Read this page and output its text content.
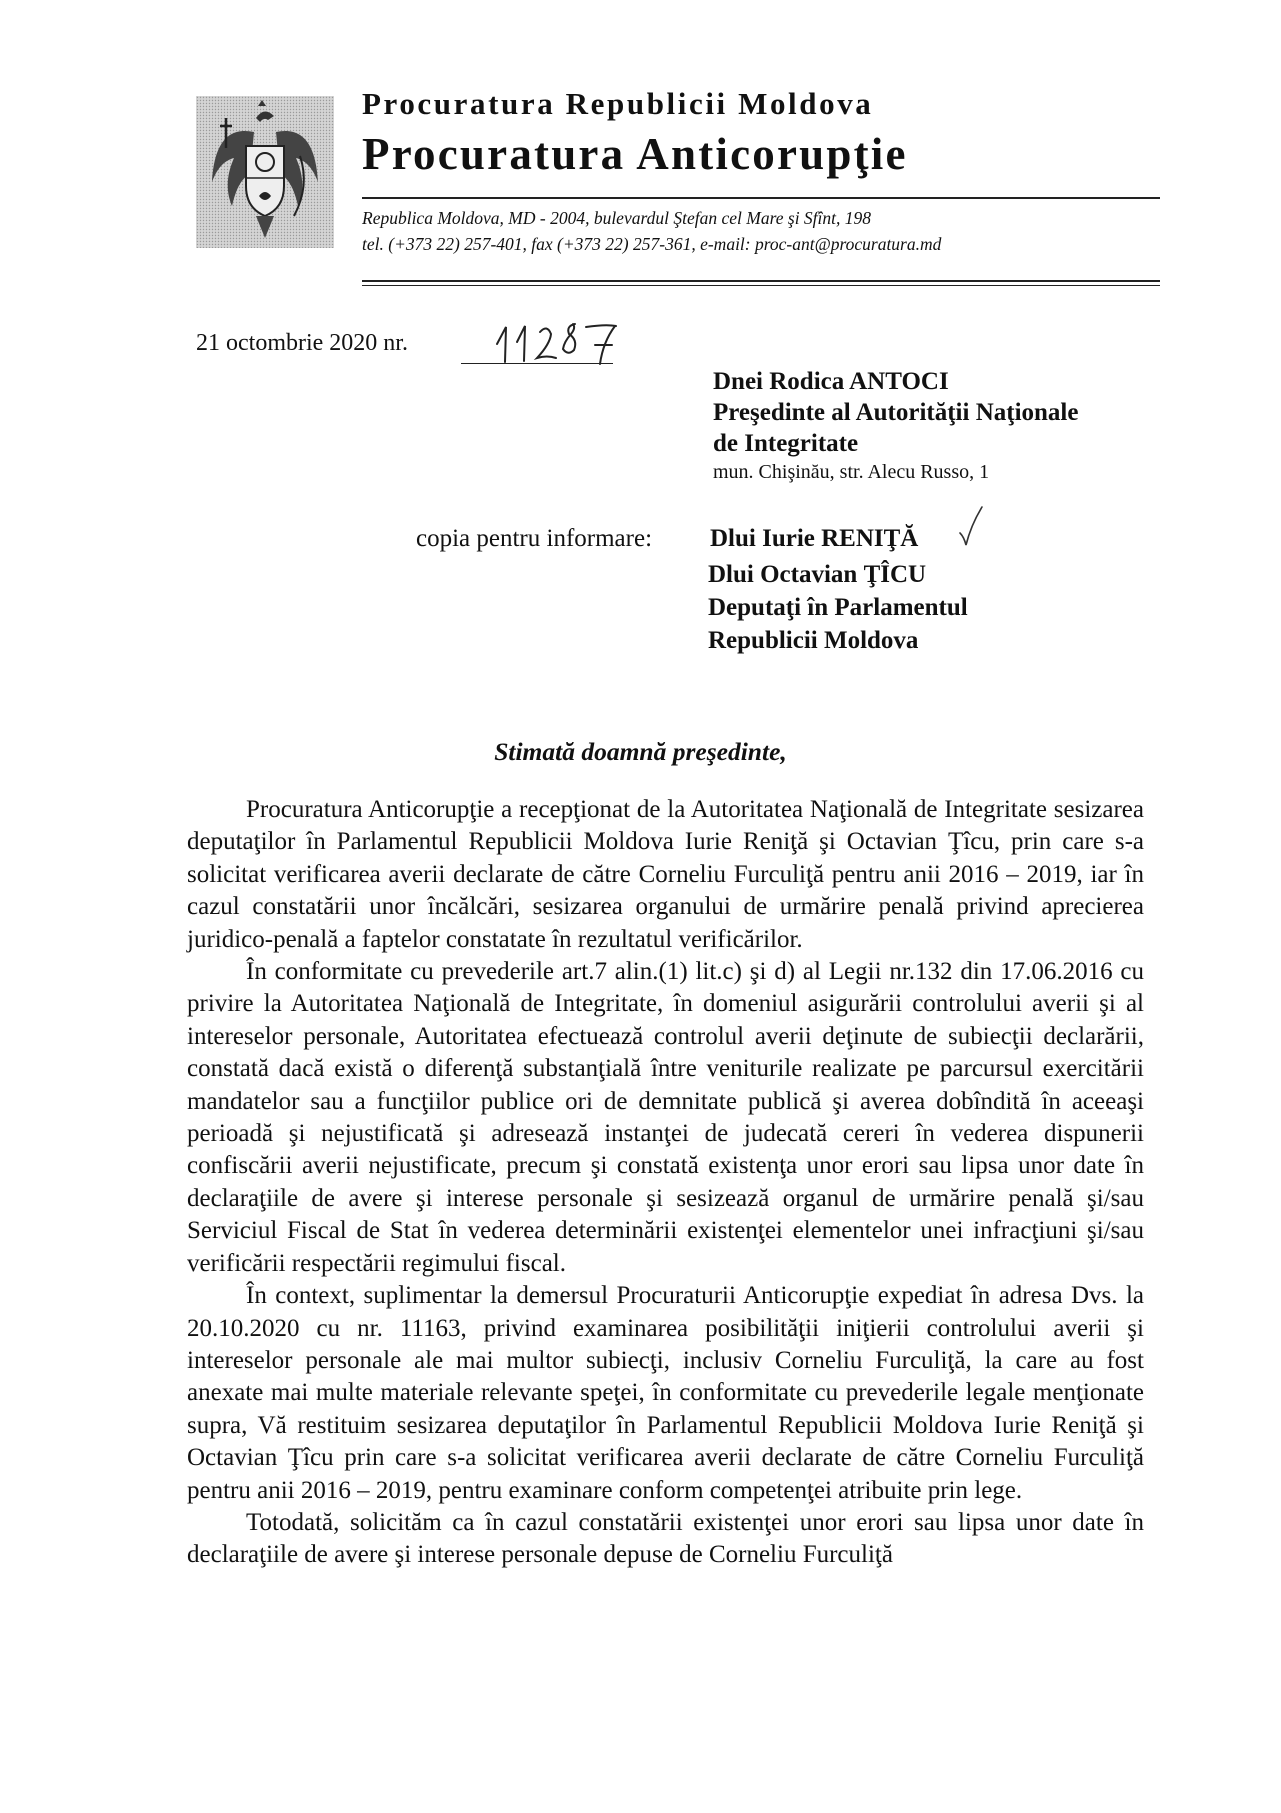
Procuratura Republicii Moldova
Procuratura Anticorupţie
Republica Moldova, MD - 2004, bulevardul Ştefan cel Mare şi Sfînt, 198
tel. (+373 22) 257-401, fax (+373 22) 257-361, e-mail: proc-ant@procuratura.md
21 octombrie 2020 nr.
Dnei Rodica ANTOCI
Preşedinte al Autorităţii Naţionale
de Integritate
mun. Chişinău, str. Alecu Russo, 1
copia pentru informare: Dlui Iurie RENIŢĂ
Dlui Octavian ŢÎCU
Deputaţi în Parlamentul
Republicii Moldova
Stimată doamnă preşedinte,

Procuratura Anticorupţie a recepţionat de la Autoritatea Naţională de Integritate sesizarea deputaţilor în Parlamentul Republicii Moldova Iurie Reniţă şi Octavian Ţîcu, prin care s-a solicitat verificarea averii declarate de către Corneliu Furculiţă pentru anii 2016 – 2019, iar în cazul constatării unor încălcări, sesizarea organului de urmărire penală privind aprecierea juridico-penală a faptelor constatate în rezultatul verificărilor.

În conformitate cu prevederile art.7 alin.(1) lit.c) şi d) al Legii nr.132 din 17.06.2016 cu privire la Autoritatea Naţională de Integritate, în domeniul asigurării controlului averii şi al intereselor personale, Autoritatea efectuează controlul averii deţinute de subiecţii declarării, constată dacă există o diferenţă substanţială între veniturile realizate pe parcursul exercitării mandatelor sau a funcţiilor publice ori de demnitate publică şi averea dobîndită în aceeaşi perioadă şi nejustificată şi adresează instanţei de judecată cereri în vederea dispunerii confiscării averii nejustificate, precum şi constată existenţa unor erori sau lipsa unor date în declaraţiile de avere şi interese personale şi sesizează organul de urmărire penală şi/sau Serviciul Fiscal de Stat în vederea determinării existenţei elementelor unei infracţiuni şi/sau verificării respectării regimului fiscal.

În context, suplimentar la demersul Procuraturii Anticorupţie expediat în adresa Dvs. la 20.10.2020 cu nr. 11163, privind examinarea posibilităţii iniţierii controlului averii şi intereselor personale ale mai multor subiecţi, inclusiv Corneliu Furculiţă, la care au fost anexate mai multe materiale relevante speţei, în conformitate cu prevederile legale menţionate supra, Vă restituim sesizarea deputaţilor în Parlamentul Republicii Moldova Iurie Reniţă şi Octavian Ţîcu prin care s-a solicitat verificarea averii declarate de către Corneliu Furculiţă pentru anii 2016 – 2019, pentru examinare conform competenţei atribuite prin lege.

Totodată, solicităm ca în cazul constatării existenţei unor erori sau lipsa unor date în declaraţiile de avere şi interese personale depuse de Corneliu Furculiţă
